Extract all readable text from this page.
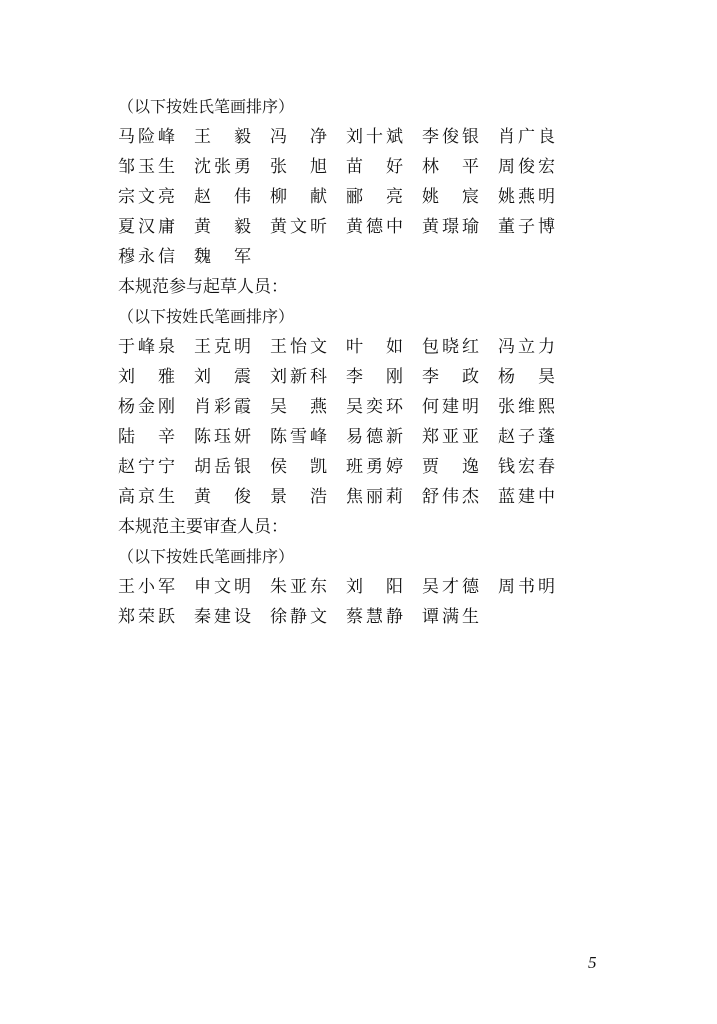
（以下按姓氏笔画排序）
马 险 峰 王 毅 冯 净 刘 十 斌 李 俊 银 肖 广 良
邹 玉 生 沈 张 勇 张 旭 苗 好 林 平 周 俊 宏
宗 文 亮 赵 伟 柳 献 郦 亮 姚 宸 姚 燕 明
夏 汉 庸 黄 毅 黄 文 昕 黄 德 中 黄 璟 瑜 董 子 博
穆 永 信 魏 军
本规范参与起草人员：
（以下按姓氏笔画排序）
于 峰 泉 王 克 明 王 怡 文 叶 如 包 晓 红 冯 立 力
刘 雅 刘 震 刘 新 科 李 刚 李 政 杨 昊
杨 金 刚 肖 彩 霞 吴 燕 吴 奕 环 何 建 明 张 维 熙
陆 辛 陈 珏 妍 陈 雪 峰 易 德 新 郑 亚 亚 赵 子 蓬
赵 宁 宁 胡 岳 银 侯 凯 班 勇 婷 贾 逸 钱 宏 春
高 京 生 黄 俊 景 浩 焦 丽 莉 舒 伟 杰 蓝 建 中
本规范主要审查人员：
（以下按姓氏笔画排序）
王 小 军 申 文 明 朱 亚 东 刘 阳 吴 才 德 周 书 明
郑 荣 跃 秦 建 设 徐 静 文 蔡 慧 静 谭 满 生
5
